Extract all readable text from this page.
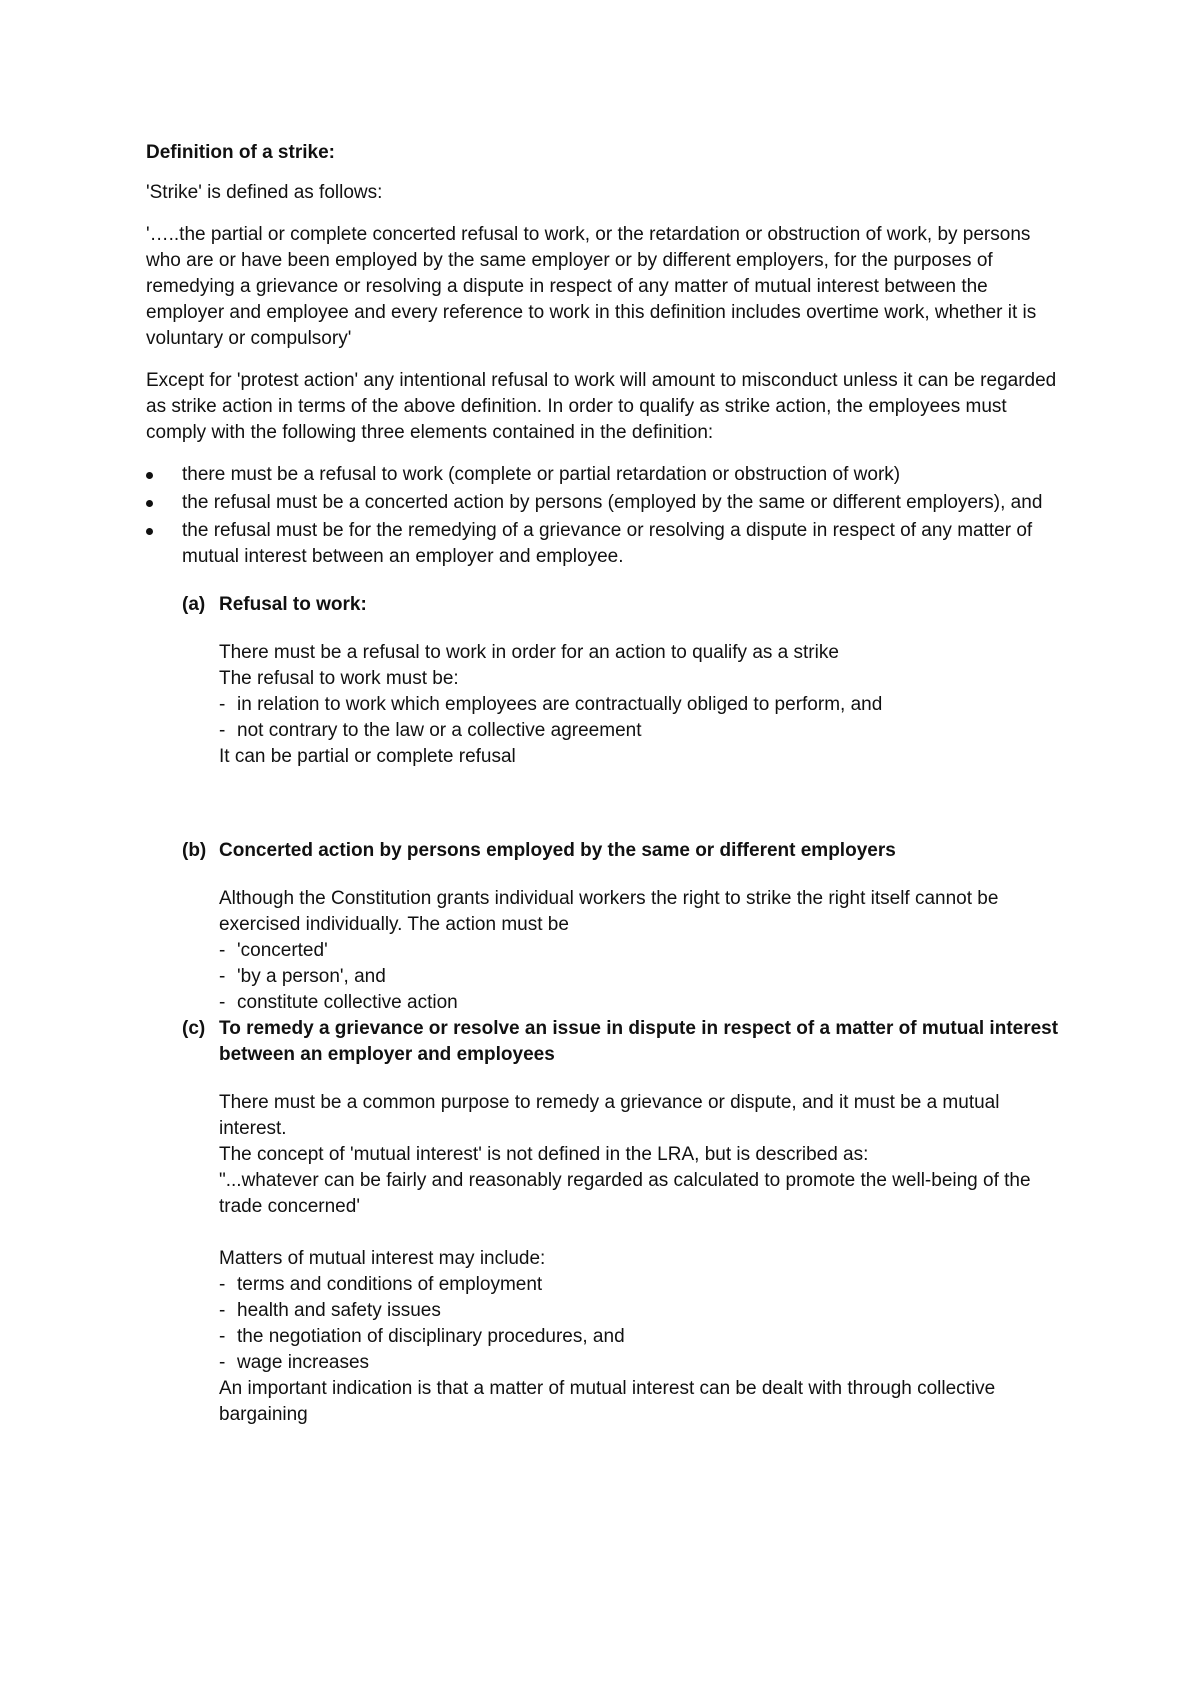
Definition of a strike:

'Strike' is defined as follows:

'…..the partial or complete concerted refusal to work, or the retardation or obstruction of work, by persons who are or have been employed by the same employer or by different employers, for the purposes of remedying a grievance or resolving a dispute in respect of any matter of mutual interest between the employer and employee and every reference to work in this definition includes overtime work, whether it is voluntary or compulsory'

Except for 'protest action' any intentional refusal to work will amount to misconduct unless it can be regarded as strike action in terms of the above definition. In order to qualify as strike action, the employees must comply with the following three elements contained in the definition:

there must be a refusal to work (complete or partial retardation or obstruction of work)
the refusal must be a concerted action by persons (employed by the same or different employers), and
the refusal must be for the remedying of a grievance or resolving a dispute in respect of any matter of mutual interest between an employer and employee.
(a) Refusal to work:

There must be a refusal to work in order for an action to qualify as a strike

The refusal to work must be:

- in relation to work which employees are contractually obliged to perform, and

- not contrary to the law or a collective agreement

It can be partial or complete refusal

(b) Concerted action by persons employed by the same or different employers

Although the Constitution grants individual workers the right to strike the right itself cannot be exercised individually. The action must be

- 'concerted'

- 'by a person', and

- constitute collective action

(c) To remedy a grievance or resolve an issue in dispute in respect of a matter of mutual interest between an employer and employees

There must be a common purpose to remedy a grievance or dispute, and it must be a mutual interest.

The concept of 'mutual interest' is not defined in the LRA, but is described as:

"...whatever can be fairly and reasonably regarded as calculated to promote the well-being of the trade concerned'

Matters of mutual interest may include:

- terms and conditions of employment

- health and safety issues

- the negotiation of disciplinary procedures, and

- wage increases

An important indication is that a matter of mutual interest can be dealt with through collective bargaining
